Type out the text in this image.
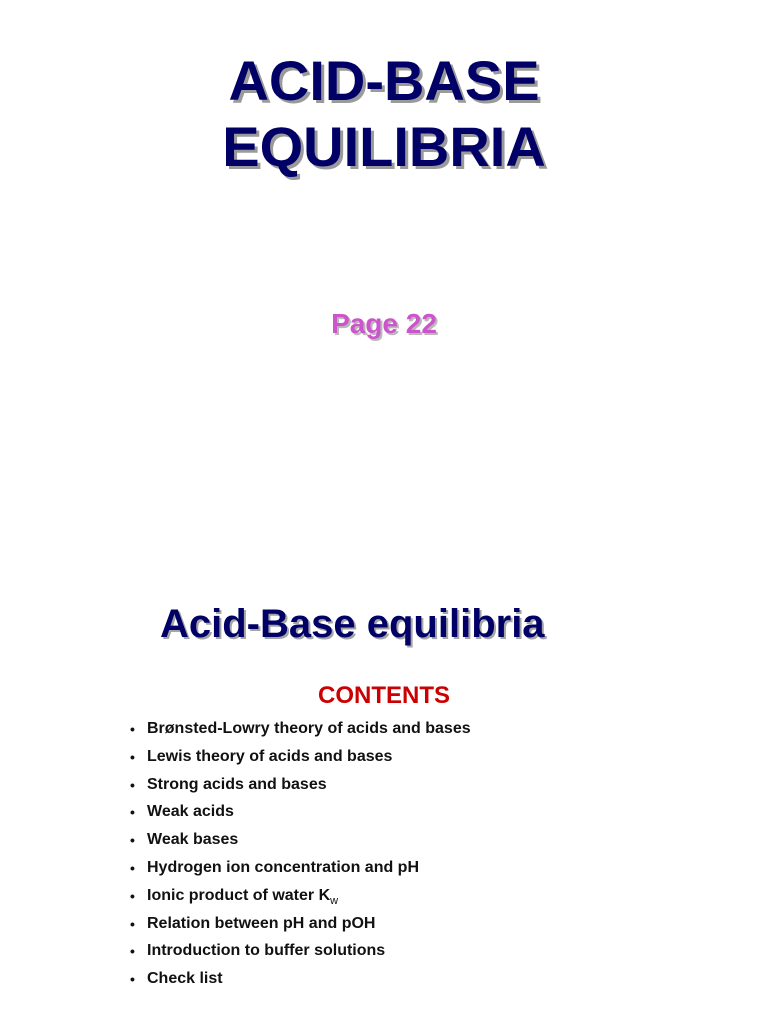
ACID-BASE
EQUILIBRIA
Page 22
Acid-Base equilibria
CONTENTS
• Brønsted-Lowry theory of acids and bases
• Lewis theory of acids and bases
• Strong acids and bases
• Weak acids
• Weak bases
• Hydrogen ion concentration and pH
• Ionic product of water $K_w$
• Relation between pH and pOH
• Introduction to buffer solutions
• Check list
